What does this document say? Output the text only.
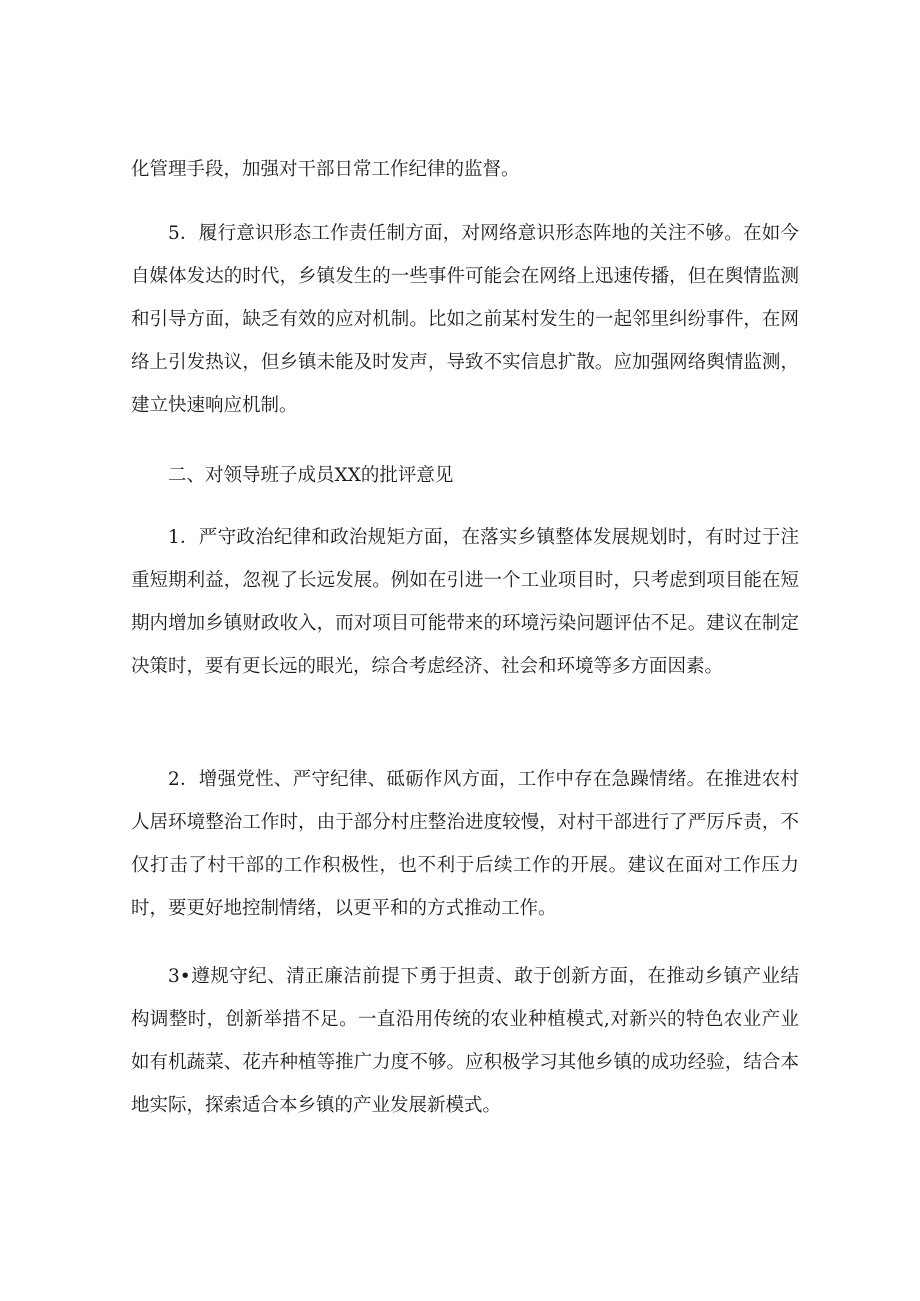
化管理手段，加强对干部日常工作纪律的监督。

5．履行意识形态工作责任制方面，对网络意识形态阵地的关注不够。在如今自媒体发达的时代，乡镇发生的一些事件可能会在网络上迅速传播，但在舆情监测和引导方面，缺乏有效的应对机制。比如之前某村发生的一起邻里纠纷事件，在网络上引发热议，但乡镇未能及时发声，导致不实信息扩散。应加强网络舆情监测，建立快速响应机制。

二、对领导班子成员XX的批评意见

1．严守政治纪律和政治规矩方面，在落实乡镇整体发展规划时，有时过于注重短期利益，忽视了长远发展。例如在引进一个工业项目时，只考虑到项目能在短期内增加乡镇财政收入，而对项目可能带来的环境污染问题评估不足。建议在制定决策时，要有更长远的眼光，综合考虑经济、社会和环境等多方面因素。

2．增强党性、严守纪律、砥砺作风方面，工作中存在急躁情绪。在推进农村人居环境整治工作时，由于部分村庄整治进度较慢，对村干部进行了严厉斥责，不仅打击了村干部的工作积极性，也不利于后续工作的开展。建议在面对工作压力时，要更好地控制情绪，以更平和的方式推动工作。

3•遵规守纪、清正廉洁前提下勇于担责、敢于创新方面，在推动乡镇产业结构调整时，创新举措不足。一直沿用传统的农业种植模式,对新兴的特色农业产业如有机蔬菜、花卉种植等推广力度不够。应积极学习其他乡镇的成功经验，结合本地实际，探索适合本乡镇的产业发展新模式。
